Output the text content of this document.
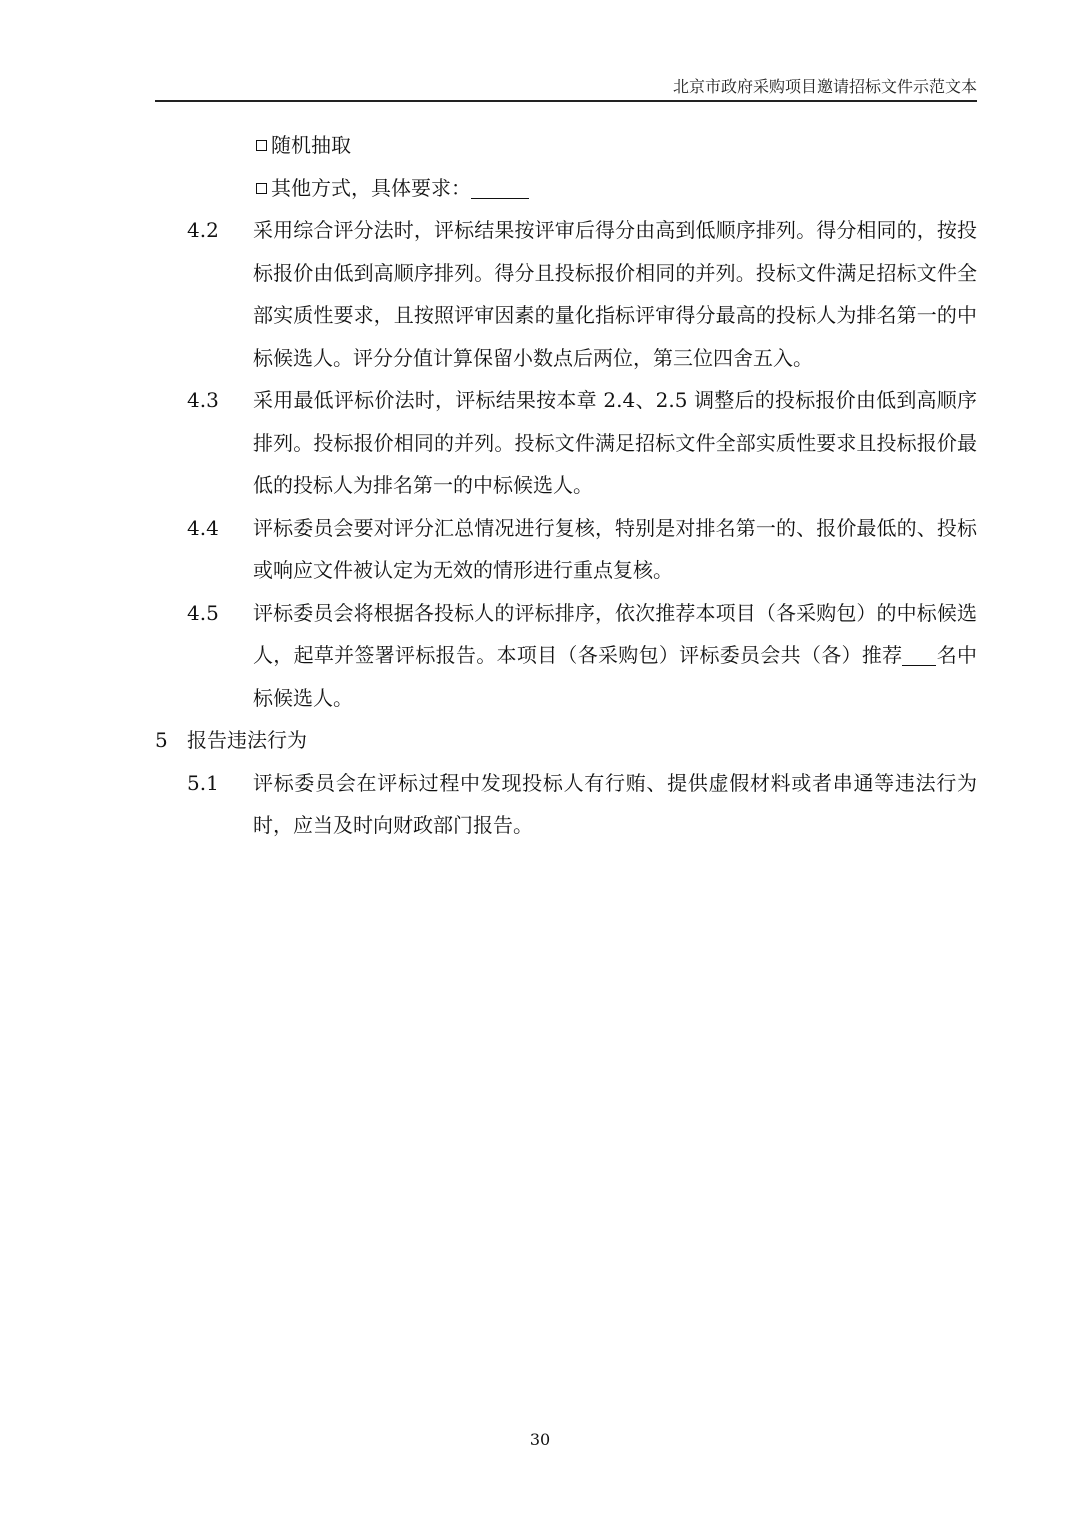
北京市政府采购项目邀请招标文件示范文本
随机抽取
其他方式，具体要求：
4.2 采用综合评分法时，评标结果按评审后得分由高到低顺序排列。得分相同的，按投标报价由低到高顺序排列。得分且投标报价相同的并列。投标文件满足招标文件全部实质性要求，且按照评审因素的量化指标评审得分最高的投标人为排名第一的中标候选人。评分分值计算保留小数点后两位，第三位四舍五入。
4.3 采用最低评标价法时，评标结果按本章 2.4、2.5 调整后的投标报价由低到高顺序排列。投标报价相同的并列。投标文件满足招标文件全部实质性要求且投标报价最低的投标人为排名第一的中标候选人。
4.4 评标委员会要对评分汇总情况进行复核，特别是对排名第一的、报价最低的、投标或响应文件被认定为无效的情形进行重点复核。
4.5 评标委员会将根据各投标人的评标排序，依次推荐本项目（各采购包）的中标候选人，起草并签署评标报告。本项目（各采购包）评标委员会共（各）推荐 名中标候选人。
5 报告违法行为
5.1 评标委员会在评标过程中发现投标人有行贿、提供虚假材料或者串通等违法行为时，应当及时向财政部门报告。
30
